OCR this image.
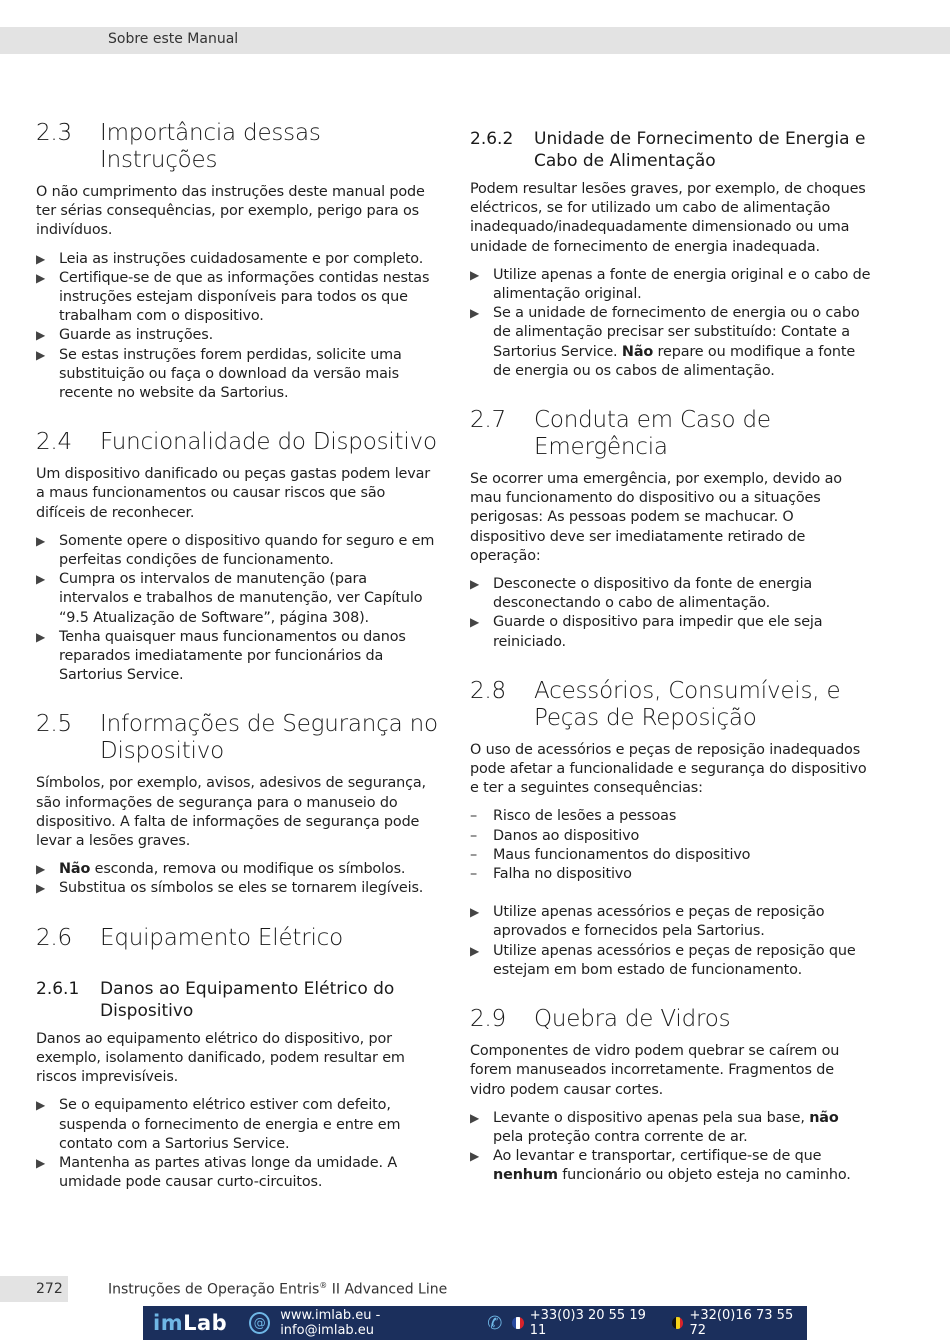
Sobre este Manual
2.3	Importância dessas Instruções

O não cumprimento das instruções deste manual pode ter sérias consequências, por exemplo, perigo para os indivíduos.

▶ Leia as instruções cuidadosamente e por completo.
▶ Certifique-se de que as informações contidas nestas instruções estejam disponíveis para todos os que trabalham com o dispositivo.
▶ Guarde as instruções.
▶ Se estas instruções forem perdidas, solicite uma substituição ou faça o download da versão mais recente no website da Sartorius.
2.4	Funcionalidade do Dispositivo

Um dispositivo danificado ou peças gastas podem levar a maus funcionamentos ou causar riscos que são difíceis de reconhecer.

▶ Somente opere o dispositivo quando for seguro e em perfeitas condições de funcionamento.
▶ Cumpra os intervalos de manutenção (para intervalos e trabalhos de manutenção, ver Capítulo “9.5 Atualização de Software”, página 308).
▶ Tenha quaisquer maus funcionamentos ou danos reparados imediatamente por funcionários da Sartorius Service.
2.5	Informações de Segurança no Dispositivo

Símbolos, por exemplo, avisos, adesivos de segurança, são informações de segurança para o manuseio do dispositivo. A falta de informações de segurança pode levar a lesões graves.

▶ Não esconda, remova ou modifique os símbolos.
▶ Substitua os símbolos se eles se tornarem ilegíveis.
2.6	Equipamento Elétrico
2.6.1	Danos ao Equipamento Elétrico do Dispositivo

Danos ao equipamento elétrico do dispositivo, por exemplo, isolamento danificado, podem resultar em riscos imprevisíveis.

▶ Se o equipamento elétrico estiver com defeito, suspenda o fornecimento de energia e entre em contato com a Sartorius Service.
▶ Mantenha as partes ativas longe da umidade. A umidade pode causar curto-circuitos.
2.6.2	Unidade de Fornecimento de Energia e Cabo de Alimentação

Podem resultar lesões graves, por exemplo, de choques eléctricos, se for utilizado um cabo de alimentação inadequado/inadequadamente dimensionado ou uma unidade de fornecimento de energia inadequada.

▶ Utilize apenas a fonte de energia original e o cabo de alimentação original.
▶ Se a unidade de fornecimento de energia ou o cabo de alimentação precisar ser substituído: Contate a Sartorius Service. Não repare ou modifique a fonte de energia ou os cabos de alimentação.
2.7	Conduta em Caso de Emergência

Se ocorrer uma emergência, por exemplo, devido ao mau funcionamento do dispositivo ou a situações perigosas: As pessoas podem se machucar. O dispositivo deve ser imediatamente retirado de operação:

▶ Desconecte o dispositivo da fonte de energia desconectando o cabo de alimentação.
▶ Guarde o dispositivo para impedir que ele seja reiniciado.
2.8	Acessórios, Consumíveis, e Peças de Reposição

O uso de acessórios e peças de reposição inadequados pode afetar a funcionalidade e segurança do dispositivo e ter a seguintes consequências:

– Risco de lesões a pessoas
– Danos ao dispositivo
– Maus funcionamentos do dispositivo
– Falha no dispositivo
▶ Utilize apenas acessórios e peças de reposição aprovados e fornecidos pela Sartorius.
▶ Utilize apenas acessórios e peças de reposição que estejam em bom estado de funcionamento.
2.9	Quebra de Vidros

Componentes de vidro podem quebrar se caírem ou forem manuseados incorretamente. Fragmentos de vidro podem causar cortes.

▶ Levante o dispositivo apenas pela sua base, não pela proteção contra corrente de ar.
▶ Ao levantar e transportar, certifique-se de que nenhum funcionário ou objeto esteja no caminho.
272	Instruções de Operação Entris® II Advanced Line
imLab	@	www.imlab.eu - info@imlab.eu	✆ +33(0)3 20 55 19 11
+32(0)16 73 55 72
